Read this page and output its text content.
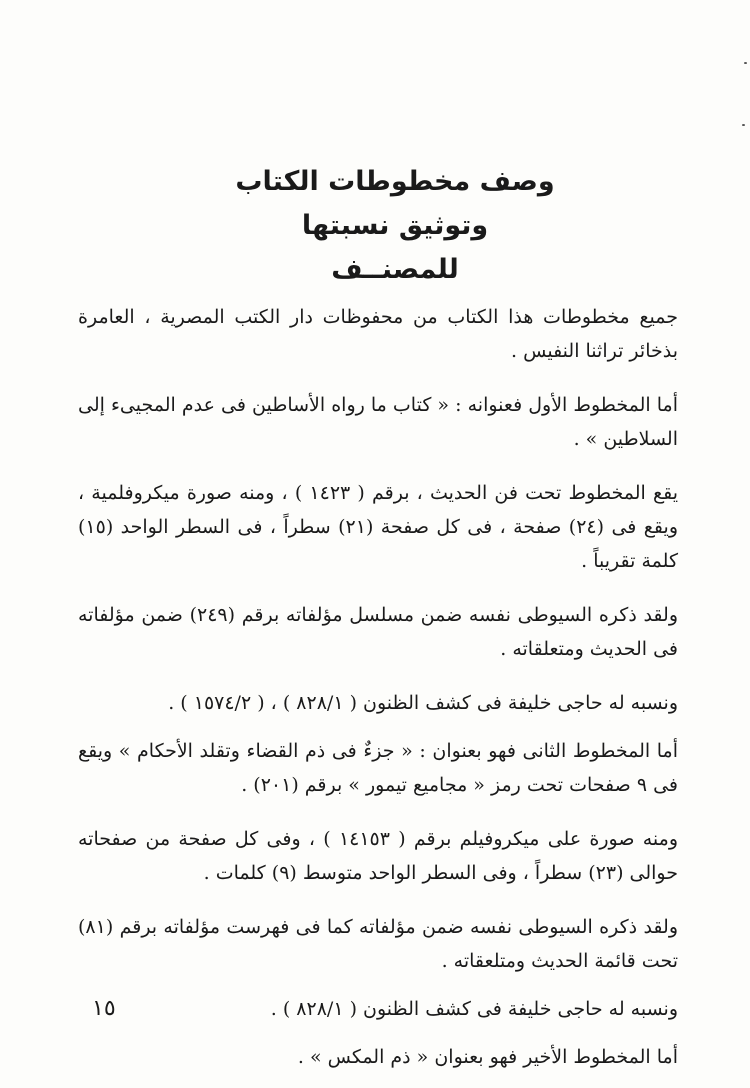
وصف مخطوطات الكتاب
وتوثيق نسبتها
للمصنــف

جميع مخطوطات هذا الكتاب من محفوظات دار الكتب المصرية ، العامرة بذخائر تراثنا النفيس .

أما المخطوط الأول فعنوانه : « كتاب ما رواه الأساطين فى عدم المجيىء إلى السلاطين » .

يقع المخطوط تحت فن الحديث ، برقم ( ١٤٢٣ ) ، ومنه صورة ميكروفلمية ، ويقع فى (٢٤) صفحة ، فى كل صفحة (٢١) سطراً ، فى السطر الواحد (١٥) كلمة تقريباً .

ولقد ذكره السيوطى نفسه ضمن مسلسل مؤلفاته برقم (٢٤٩) ضمن مؤلفاته فى الحديث ومتعلقاته .

ونسبه له حاجى خليفة فى كشف الظنون ( ٨٢٨/١ ) ، ( ١٥٧٤/٢ ) .

أما المخطوط الثانى فهو بعنوان : « جزءٌ فى ذم القضاء وتقلد الأحكام » ويقع فى ٩ صفحات تحت رمز « مجاميع تيمور » برقم (٢٠١) .

ومنه صورة على ميكروفيلم برقم ( ١٤١٥٣ ) ، وفى كل صفحة من صفحاته حوالى (٢٣) سطراً ، وفى السطر الواحد متوسط (٩) كلمات .

ولقد ذكره السيوطى نفسه ضمن مؤلفاته كما فى فهرست مؤلفاته برقم (٨١) تحت قائمة الحديث ومتلعقاته .

ونسبه له حاجى خليفة فى كشف الظنون ( ٨٢٨/١ ) .

أما المخطوط الأخير فهو بعنوان « ذم المكس » .

١٥
